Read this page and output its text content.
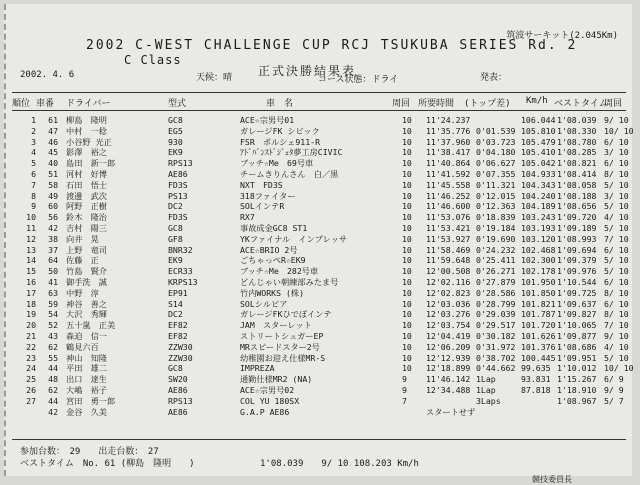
筑波サーキット(2.045Km)
2002 C-WEST CHALLENGE CUP RCJ TSUKUBA SERIES Rd. 2
C Class
2002. 4. 6	天候：晴 正式決勝結果表
コース状態：ドライ	発表：
順位 車番 ドライバー	型式	車　名	周回 所要時間 (トップ差) Km/h ベストタイム
周回
1	61 柳島　隆明	GC8	ACE☆宗男号01	10 11'24.237	106.044 1'08.039 9/ 10
2	47 中村　一稔	EG5	ガレージFK シビック	10 11'35.776 0'01.539 105.810 1'08.330 10/ 10
3	46 小谷野 光正	930	FSR　ポルシェ911-R	10 11'37.960 0'03.723 105.479 1'08.780 6/ 10
4	45 影澤　裕之	EK9	ｱﾄﾞﾊﾞﾝｽﾄﾞｼﾞｪﾀ夢工房CIVIC	10 11'38.417 0'04.180 105.410 1'08.285 3/ 10
5	40 島田　新一郎	RPS13	ブッチ☆Me　69号車	10 11'40.864 0'06.627 105.042 1'08.821 6/ 10
6	51 河村　好博	AE86	チームきりんさん　白／黒	10 11'41.592 0'07.355 104.933 1'08.414 8/ 10
7	58 石田　悟士	FD3S	NXT　FD3S	10 11'45.558 0'11.321 104.343 1'08.058 5/ 10
8	49 渡邊　武次	PS13	318ファイター	10 11'46.252 0'12.015 104.240 1'08.188 3/ 10
9	60 阿野　正樹	DC2	SOLインテR	10 11'46.600 0'12.363 104.189 1'08.656 5/ 10
10	56 鈴木　隆治	FD3S	RX7	10 11'53.076 0'18.839 103.243 1'09.720 4/ 10
11	42 吉村　陽三	GC8	事故成金GC8 ST1	10 11'53.421 0'19.184 103.193 1'09.189 5/ 10
12	38 向井　晃	GF8	YKファイナル　インプレッサ	10 11'53.927 0'19.690 103.120 1'08.993 7/ 10
13	37 上野　竜司	BNR32	ACE☆BRIO 2号	10 11'58.469 0'24.232 102.468 1'09.694 6/ 10
14	64 佐藤　正	EK9	ごちゃっぺR☆EK9	10 11'59.648 0'25.411 102.300 1'09.379 5/ 10
15	50 竹島　賢介	ECR33	ブッチ☆Me　282号車	10 12'00.508 0'26.271 102.178 1'09.976 5/ 10
16	41 御手洗　誠	KRPS13	どんじゃい朝練部みたま号	10 12'02.116 0'27.879 101.950 1'10.544 6/ 10
17	63 中野　淳	EP91	竹内WORKS (株)	10 12'02.823 0'28.586 101.850 1'09.725 8/ 10
18	59 神谷　善之	S14	SOLシルビア	10 12'03.036 0'28.799 101.821 1'09.637 6/ 10
19	54 大沢　秀輝	DC2	ガレージFKひでぼインテ	10 12'03.276 0'29.039 101.787 1'09.827 8/ 10
20	52 五十嵐　正美	EF82	JAM　スターレット	10 12'03.754 0'29.517 101.720 1'10.065 7/ 10
21	43 森迫　信一	EF82	ストリートシュガーEP	10 12'04.419 0'30.182 101.626 1'09.877 9/ 10
22	62 鶴見六百	ZZW30	MRスピードスター2号	10 12'06.209 0'31.972 101.376 1'08.686 4/ 10
23	55 神山　知隆	ZZW30	幼稚園お迎え仕様MR-S	10 12'12.939 0'38.702 100.445 1'09.951 5/ 10
24	44 平田　雄二	GC8	IMPREZA	10 12'18.899 0'44.662 99.635 1'10.012 10/ 10
25	48 出口　達生	SW20	通勤仕様MR2 (NA)	9 11'46.142 1Lap	93.831 1'15.267 6/ 9
26	62 大嶋　裕子	AE86	ACE☆宗男号02	9 12'34.488 1Lap	87.818 1'18.910 9/ 9
27	44 宮田　勇一郎	RPS13	COL YU 180SX	7	3Laps	1'08.967 5/ 7
42 金谷　久美	AE86	G.A.P AE86	スタートせず
参加台数：　29　　出走台数：　27
ベストタイム　No. 61 (柳島　隆明　　)	1'08.039　　9/ 10 108.203 Km/h
競技委員長
